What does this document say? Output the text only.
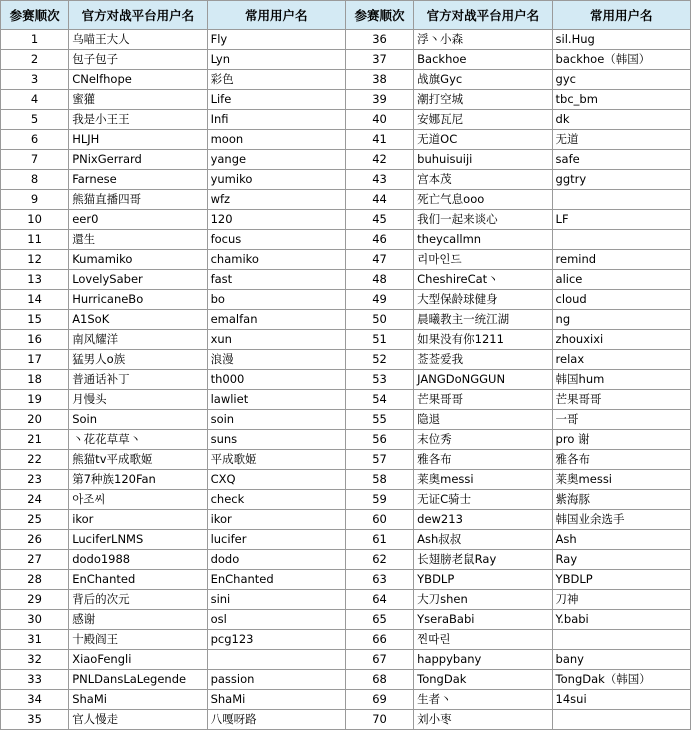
参赛顺次	官方对战平台用户名	常用用户名	参赛顺次	官方对战平台用户名	常用用户名
1	乌喵王大人	Fly	36	浮丶小森	sil.Hug
2	包子包子	Lyn	37	Backhoe	backhoe（韩国）
3	CNelfhope	彩色	38	战旗Gyc	gyc
4	蜜獾	Life	39	潮打空城	tbc_bm
5	我是小王王	Infi	40	安娜瓦尼	dk
6	HLJH	moon	41	无道OC	无道
7	PNixGerrard	yange	42	buhuisuiji	safe
8	Farnese	yumiko	43	宫本茂	ggtry
9	熊猫直播四哥	wfz	44	死亡气息ooo	
10	eer0	120	45	我们一起来谈心	LF
11	還生	focus	46	theycallmn	
12	Kumamiko	chamiko	47	리마인드	remind
13	LovelySaber	fast	48	CheshireCat丶	alice
14	HurricaneBo	bo	49	大型保龄球健身	cloud
15	A1SoK	emalfan	50	晨曦教主一统江湖	ng
16	南风耀洋	xun	51	如果没有你1211	zhouxixi
17	猛男人o族	浪漫	52	莶莶爱我	relax
18	普通话补丁	th000	53	JANGDoNGGUN	韩国hum
19	月慢头	lawliet	54	芒果哥哥	芒果哥哥
20	Soin	soin	55	隐退	一哥
21	丶花花草草丶	suns	56	末位秀	pro 谢
22	熊猫tv平成歌姬	平成歌姬	57	雅各布	雅各布
23	第7种族120Fan	CXQ	58	莱奥messi	莱奥messi
24	아조씨	check	59	无证C骑士	紫海豚
25	ikor	ikor	60	dew213	韩国业余选手
26	LuciferLNMS	lucifer	61	Ash叔叔	Ash
27	dodo1988	dodo	62	长翅膀老鼠Ray	Ray
28	EnChanted	EnChanted	63	YBDLP	YBDLP
29	背后的次元	sini	64	大刀shen	刀神
30	感谢	osl	65	YseraBabi	Y.babi
31	十殿阎王	pcg123	66	찐따린	
32	XiaoFengli		67	happybany	bany
33	PNLDansLaLegende	passion	68	TongDak	TongDak（韩国）
34	ShaMi	ShaMi	69	生者丶	14sui
35	官人慢走	八嘎呀路	70	刘小枣	
